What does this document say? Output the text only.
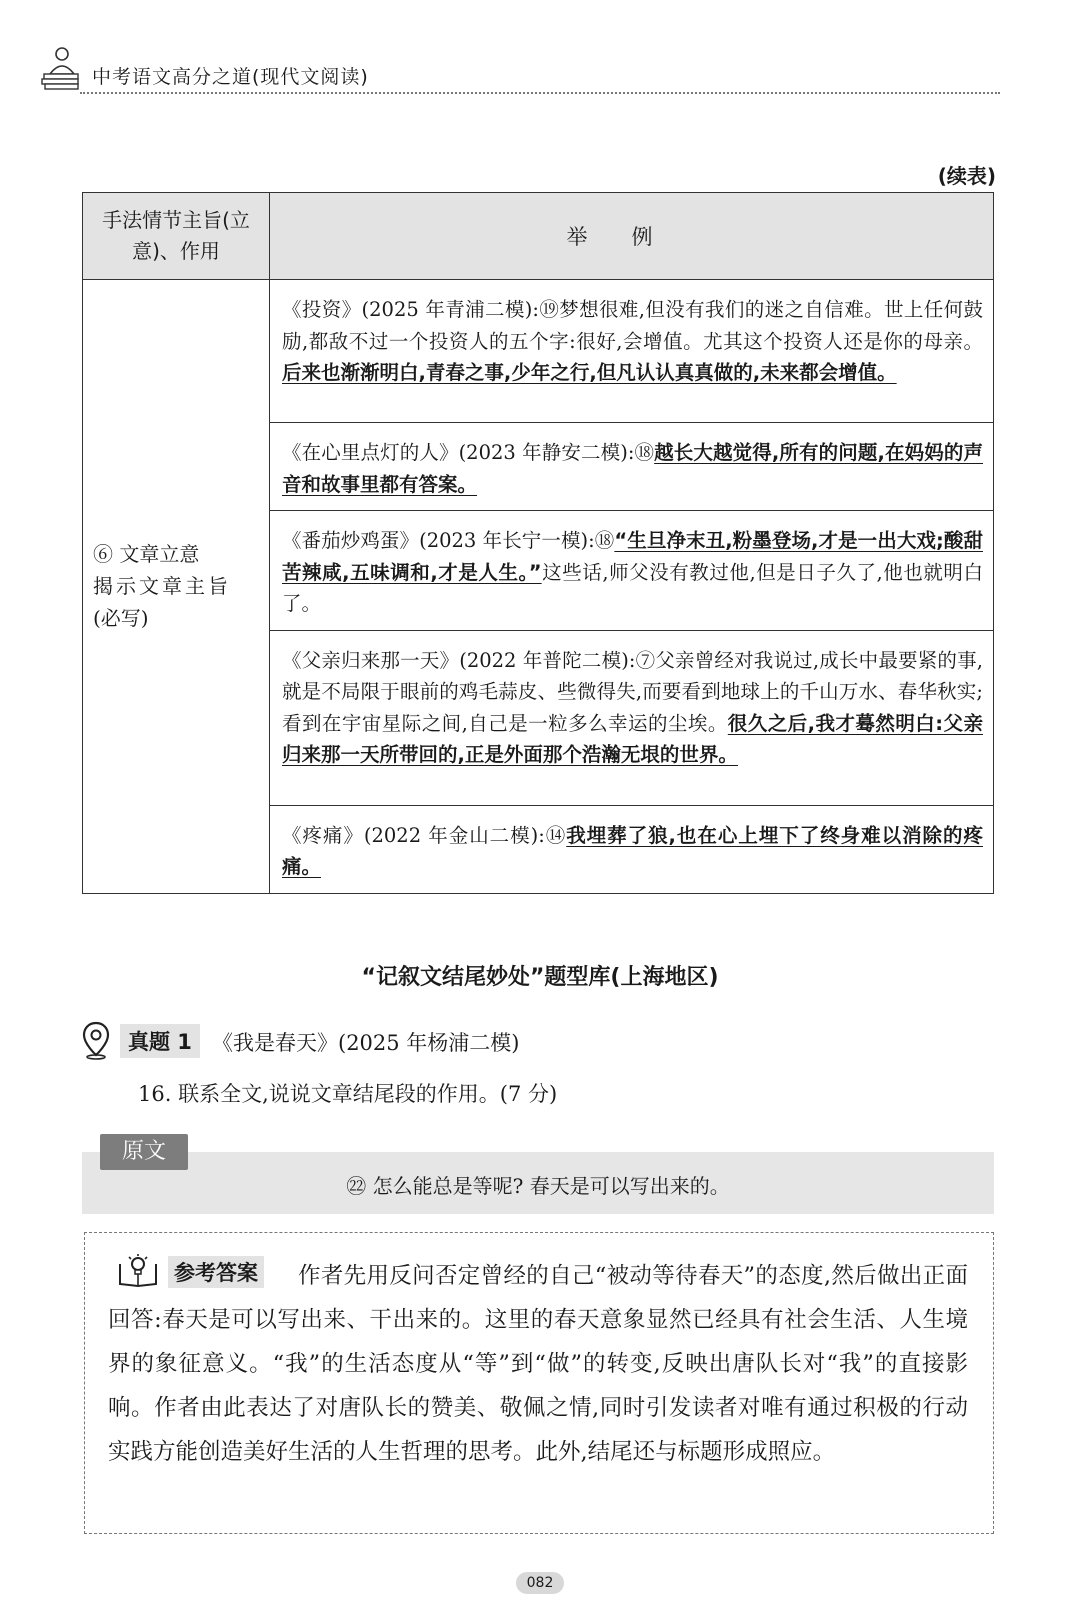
中考语文高分之道(现代文阅读)
(续表)
手法情节主旨(立意)、作用	举例

⑥ 文章立意
揭示文章主旨
(必写)	《投资》(2025 年青浦二模):⑲梦想很难,但没有我们的迷之自信难。世上任何鼓励,都敌不过一个投资人的五个字:很好,会增值。尤其这个投资人还是你的母亲。后来也渐渐明白,青春之事,少年之行,但凡认认真真做的,未来都会增值。
	《在心里点灯的人》(2023 年静安二模):⑱越长大越觉得,所有的问题,在妈妈的声音和故事里都有答案。
	《番茄炒鸡蛋》(2023 年长宁一模):⑱“生旦净末丑,粉墨登场,才是一出大戏;酸甜苦辣咸,五味调和,才是人生。”这些话,师父没有教过他,但是日子久了,他也就明白了。
	《父亲归来那一天》(2022 年普陀二模):⑦父亲曾经对我说过,成长中最要紧的事,就是不局限于眼前的鸡毛蒜皮、些微得失,而要看到地球上的千山万水、春华秋实;看到在宇宙星际之间,自己是一粒多么幸运的尘埃。很久之后,我才蓦然明白:父亲归来那一天所带回的,正是外面那个浩瀚无垠的世界。
	《疼痛》(2022 年金山二模):⑭我埋葬了狼,也在心上埋下了终身难以消除的疼痛。
“记叙文结尾妙处”题型库(上海地区)
真题 1 《我是春天》(2025 年杨浦二模)
16. 联系全文,说说文章结尾段的作用。(7 分)
原文
㉒ 怎么能总是等呢? 春天是可以写出来的。
参考答案	作者先用反问否定曾经的自己“被动等待春天”的态度,然后做出正面回答:春天是可以写出来、干出来的。这里的春天意象显然已经具有社会生活、人生境界的象征意义。“我”的生活态度从“等”到“做”的转变,反映出唐队长对“我”的直接影响。作者由此表达了对唐队长的赞美、敬佩之情,同时引发读者对唯有通过积极的行动实践方能创造美好生活的人生哲理的思考。此外,结尾还与标题形成照应。
082
